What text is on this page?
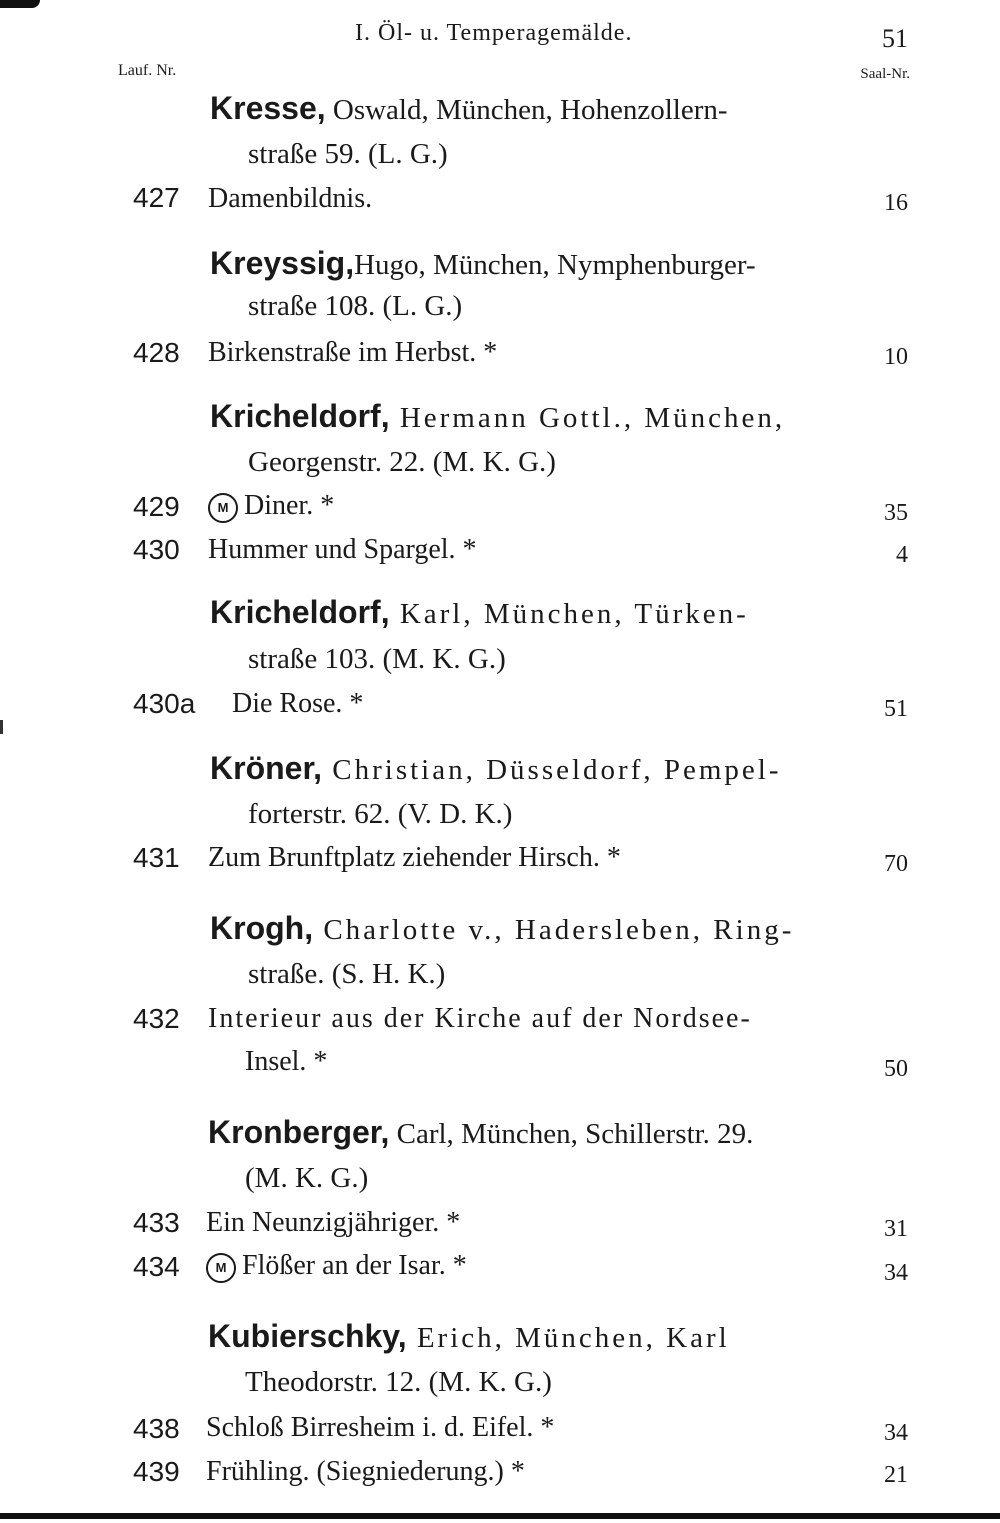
I. Öl- u. Temperagemälde.	51
Lauf. Nr.	Saal-Nr.
Kresse, Oswald, München, Hohenzollern-
straße 59. (L. G.)
427 Damenbildnis.	16
Kreyssig,Hugo, München, Nymphenburger-
straße 108. (L. G.)
428 Birkenstraße im Herbst. *	10
Kricheldorf, Hermann Gottl., München,
Georgenstr. 22. (M. K. G.)
429	M Diner. *	35
430 Hummer und Spargel. *	4
Kricheldorf, Karl, München, Türken-
straße 103. (M. K. G.)
430a Die Rose. *	51
Kröner, Christian, Düsseldorf, Pempel-
forterstr. 62. (V. D. K.)
431 Zum Brunftplatz ziehender Hirsch. *	70
Krogh, Charlotte v., Hadersleben, Ring-
straße. (S. H. K.)
432 Interieur aus der Kirche auf der Nordsee-
Insel. *	50
Kronberger, Carl, München, Schillerstr. 29.
(M. K. G.)
433 Ein Neunzigjähriger. *	31
434	M Flößer an der Isar. *	34
Kubierschky, Erich, München, Karl
Theodorstr. 12. (M. K. G.)
438 Schloß Birresheim i. d. Eifel. *	34
439 Frühling. (Siegniederung.) *	21
